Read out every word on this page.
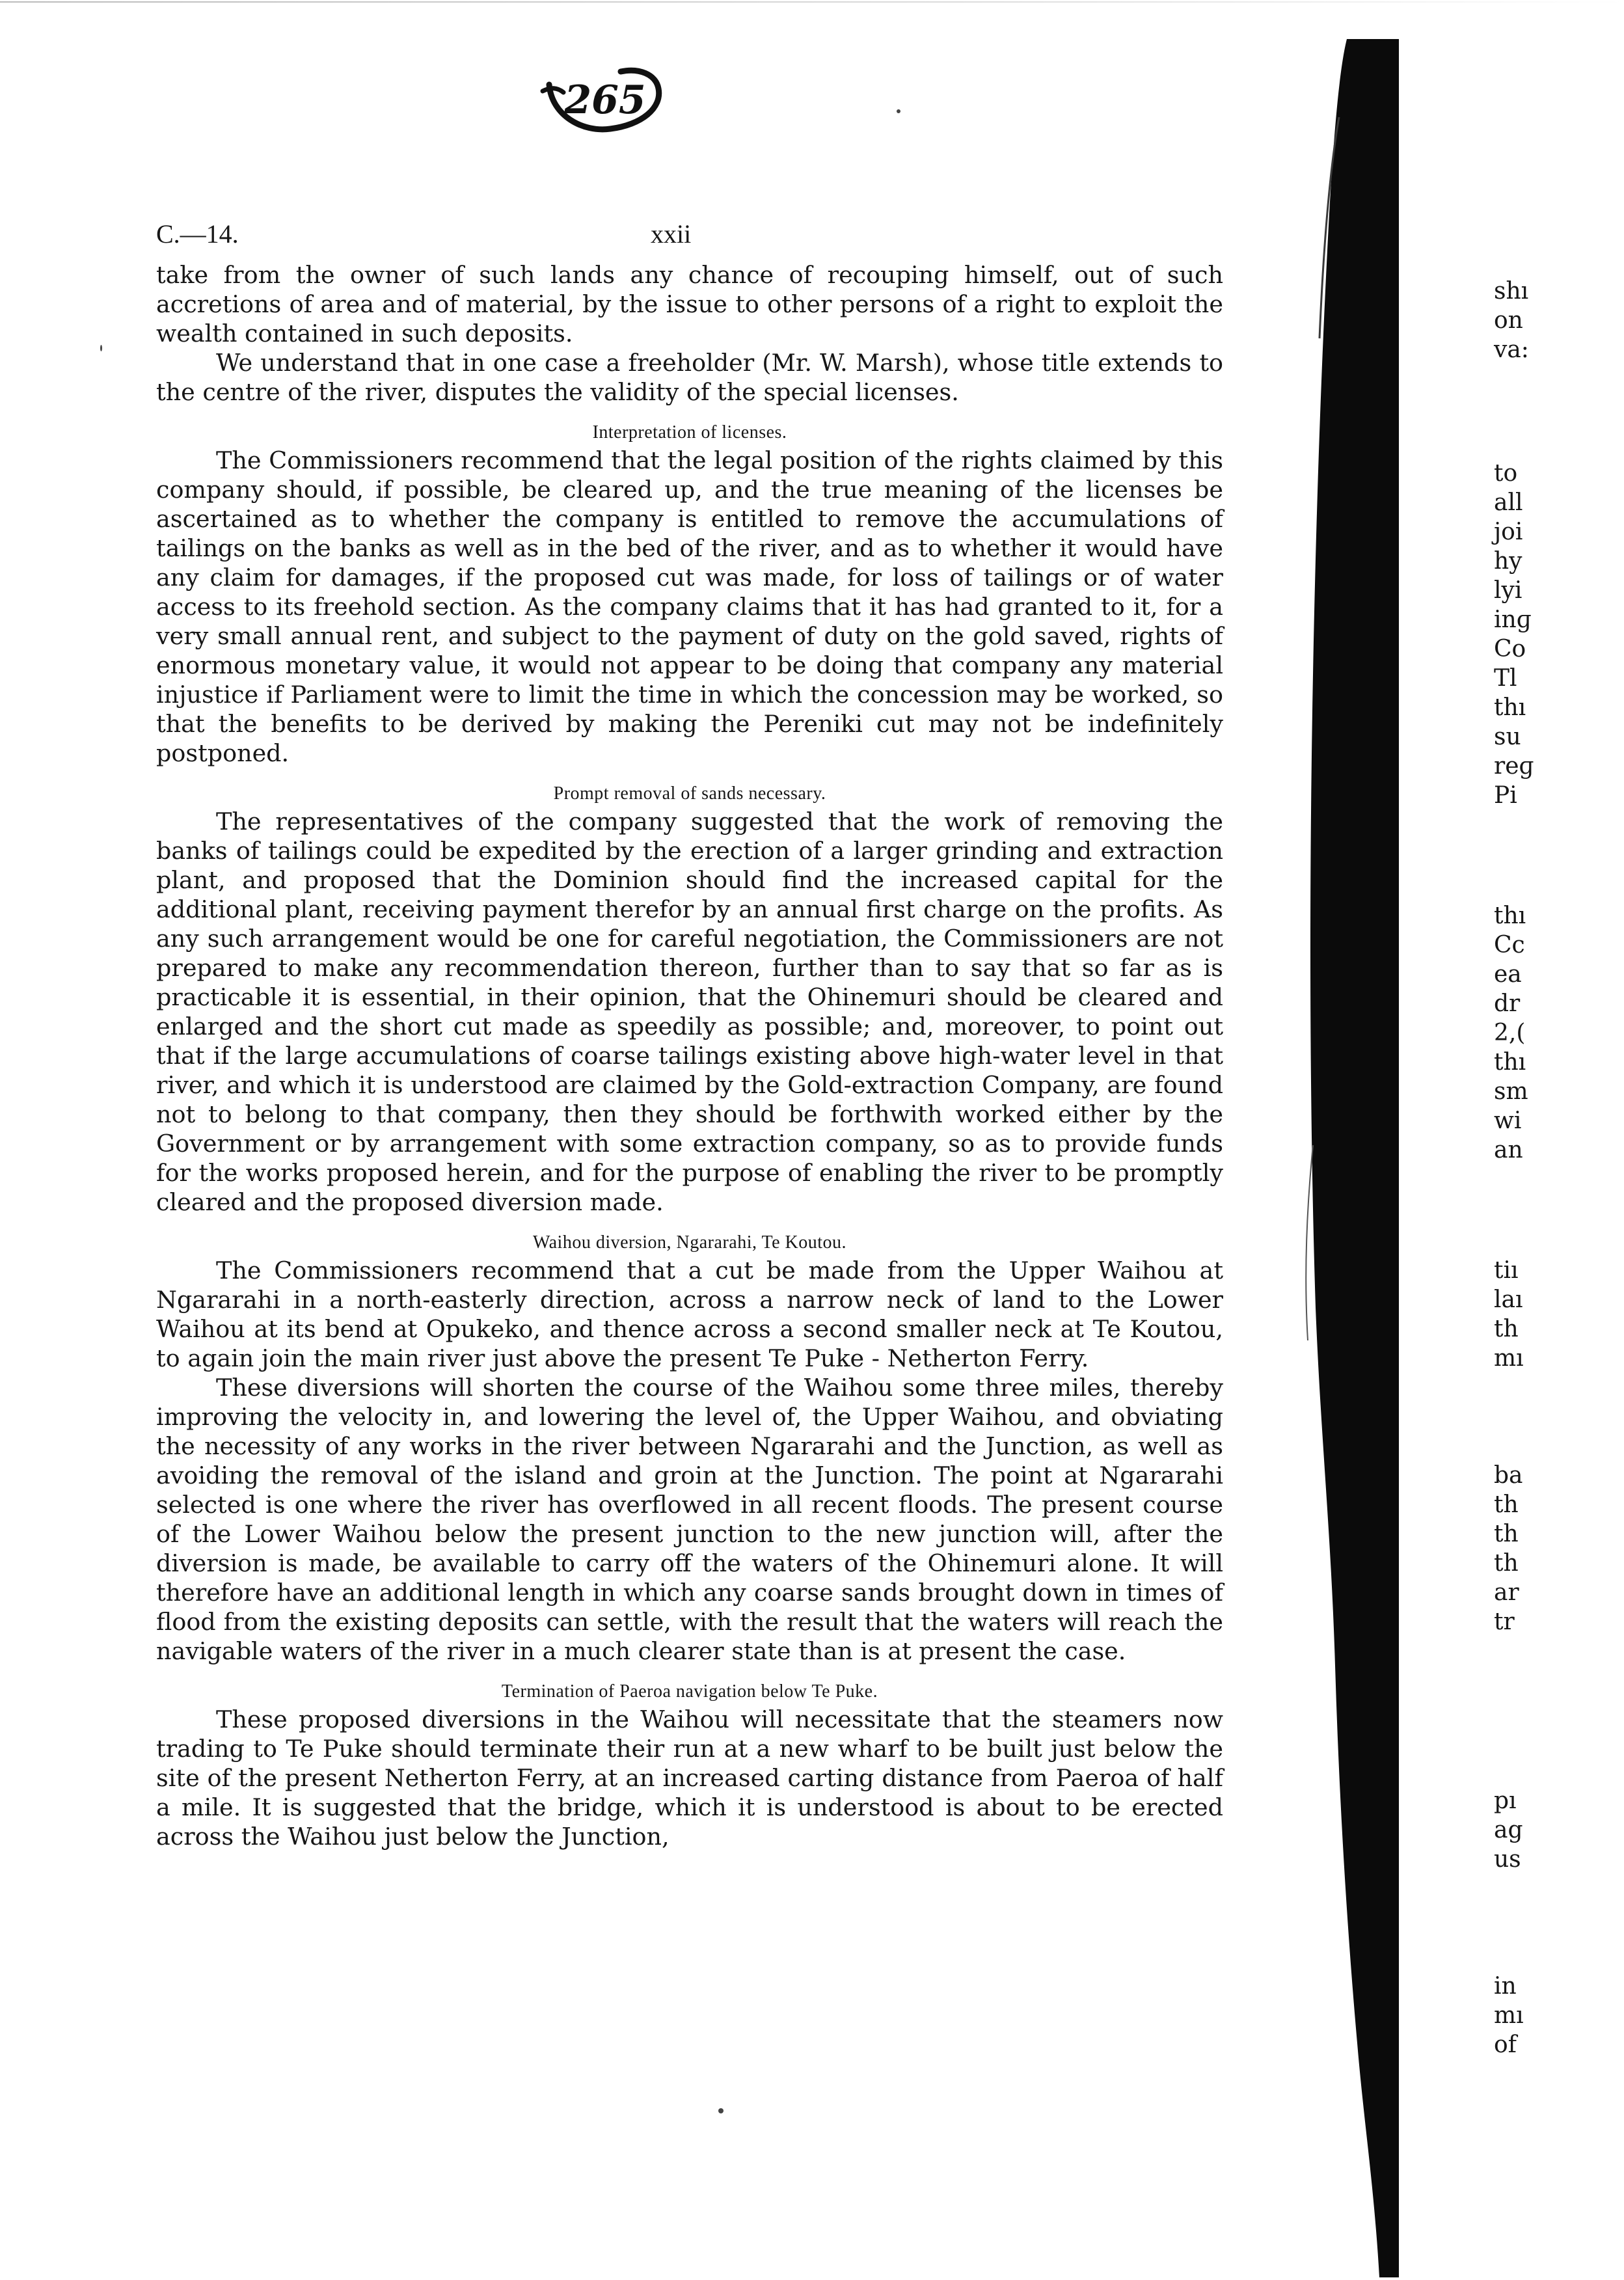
265
C.—14.	xxii

take from the owner of such lands any chance of recouping himself, out of such accretions of area and of material, by the issue to other persons of a right to exploit the wealth contained in such deposits.

We understand that in one case a freeholder (Mr. W. Marsh), whose title extends to the centre of the river, disputes the validity of the special licenses.

Interpretation of licenses.

The Commissioners recommend that the legal position of the rights claimed by this company should, if possible, be cleared up, and the true meaning of the licenses be ascertained as to whether the company is entitled to remove the accumulations of tailings on the banks as well as in the bed of the river, and as to whether it would have any claim for damages, if the proposed cut was made, for loss of tailings or of water access to its freehold section. As the company claims that it has had granted to it, for a very small annual rent, and subject to the payment of duty on the gold saved, rights of enormous monetary value, it would not appear to be doing that company any material injustice if Parliament were to limit the time in which the concession may be worked, so that the benefits to be derived by making the Pereniki cut may not be indefinitely postponed.

Prompt removal of sands necessary.

The representatives of the company suggested that the work of removing the banks of tailings could be expedited by the erection of a larger grinding and extraction plant, and proposed that the Dominion should find the increased capital for the additional plant, receiving payment therefor by an annual first charge on the profits. As any such arrangement would be one for careful negotiation, the Commissioners are not prepared to make any recommendation thereon, further than to say that so far as is practicable it is essential, in their opinion, that the Ohinemuri should be cleared and enlarged and the short cut made as speedily as possible; and, moreover, to point out that if the large accumulations of coarse tailings existing above high-water level in that river, and which it is understood are claimed by the Gold-extraction Company, are found not to belong to that company, then they should be forthwith worked either by the Government or by arrangement with some extraction company, so as to provide funds for the works proposed herein, and for the purpose of enabling the river to be promptly cleared and the proposed diversion made.

Waihou diversion, Ngararahi, Te Koutou.

The Commissioners recommend that a cut be made from the Upper Waihou at Ngararahi in a north-easterly direction, across a narrow neck of land to the Lower Waihou at its bend at Opukeko, and thence across a second smaller neck at Te Koutou, to again join the main river just above the present Te Puke - Netherton Ferry.

These diversions will shorten the course of the Waihou some three miles, thereby improving the velocity in, and lowering the level of, the Upper Waihou, and obviating the necessity of any works in the river between Ngararahi and the Junction, as well as avoiding the removal of the island and groin at the Junction. The point at Ngararahi selected is one where the river has overflowed in all recent floods. The present course of the Lower Waihou below the present junction to the new junction will, after the diversion is made, be available to carry off the waters of the Ohinemuri alone. It will therefore have an additional length in which any coarse sands brought down in times of flood from the existing deposits can settle, with the result that the waters will reach the navigable waters of the river in a much clearer state than is at present the case.

Termination of Paeroa navigation below Te Puke.

These proposed diversions in the Waihou will necessitate that the steamers now trading to Te Puke should terminate their run at a new wharf to be built just below the site of the present Netherton Ferry, at an increased carting distance from Paeroa of half a mile. It is suggested that the bridge, which it is understood is about to be erected across the Waihou just below the Junction,

shı
on
va:
to
all
joi
hy
lyi
inɡ
Co
Tl
thı
su
reɡ
Pi
thı
Cc
ea
dr
2,(
thı
sm
wi
an
tiı
laı
th
mı
ba
th
th
th
ar
tr
pı
ag
us
in
mı
of
